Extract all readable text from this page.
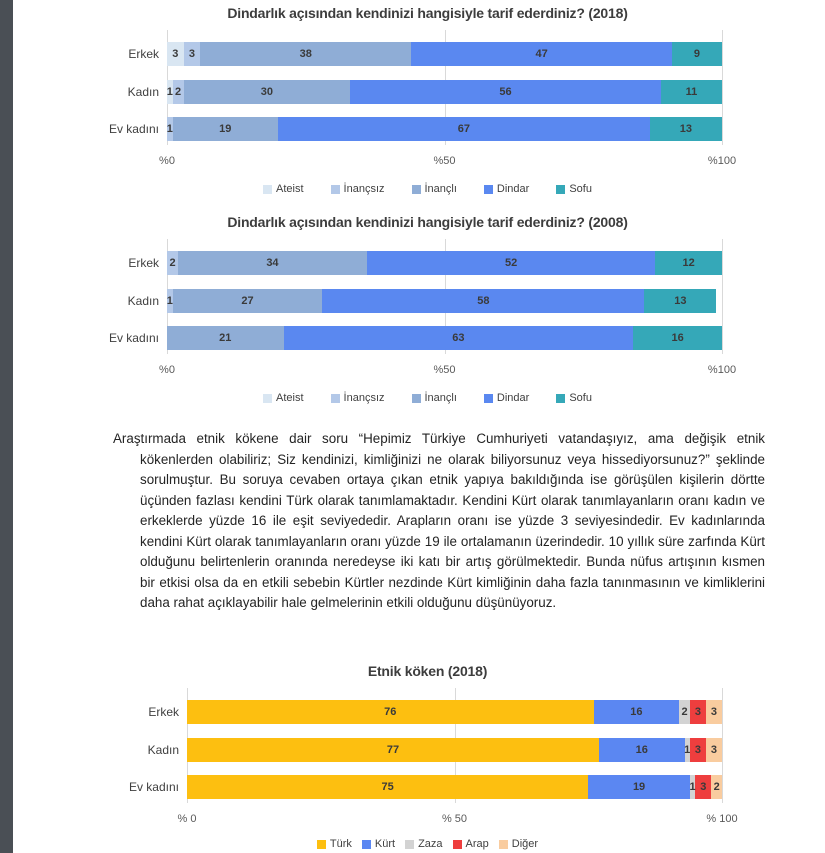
Dindarlık açısından kendinizi hangisiyle tarif ederdiniz? (2018)
Erkek 3 3	38	47	9
Kadın 1 2	30	56	11
Ev kadını 1	19	67	13
%0	%50	%100
Ateist	İnançsız	İnançlı	Dindar	Sofu
Dindarlık açısından kendinizi hangisiyle tarif ederdiniz? (2008)
Erkek 2	34	52	12
Kadın 1	27	58	13
Ev kadını	21	63	16
%0	%50	%100
Ateist	İnançsız	İnançlı	Dindar	Sofu

Araştırmada etnik kökene dair soru “Hepimiz Türkiye Cumhuriyeti vatandaşıyız, ama değişik etnik kökenlerden olabiliriz; Siz kendinizi, kimliğinizi ne olarak biliyorsunuz veya hissediyorsunuz?” şeklinde sorulmuştur. Bu soruya cevaben ortaya çıkan etnik yapıya bakıldığında ise görüşülen kişilerin dörtte üçünden fazlası kendini Türk olarak tanımlamaktadır. Kendini Kürt olarak tanımlayanların oranı kadın ve erkeklerde yüzde 16 ile eşit seviyededir. Arapların oranı ise yüzde 3 seviyesindedir. Ev kadınlarında kendini Kürt olarak tanımlayanların oranı yüzde 19 ile ortalamanın üzerindedir. 10 yıllık süre zarfında Kürt olduğunu belirtenlerin oranında neredeyse iki katı bir artış görülmektedir. Bunda nüfus artışının kısmen bir etkisi olsa da en etkili sebebin Kürtler nezdinde Kürt kimliğinin daha fazla tanınmasının ve kimliklerini daha rahat açıklayabilir hale gelmelerinin etkili olduğunu düşünüyoruz.

Etnik köken (2018)
Erkek	76	16	2 3 3
Kadın	77	16	1 3 3
Ev kadını	75	19	1 3 2
% 0	% 50	% 100
Türk Kürt Zaza Arap Diğer
